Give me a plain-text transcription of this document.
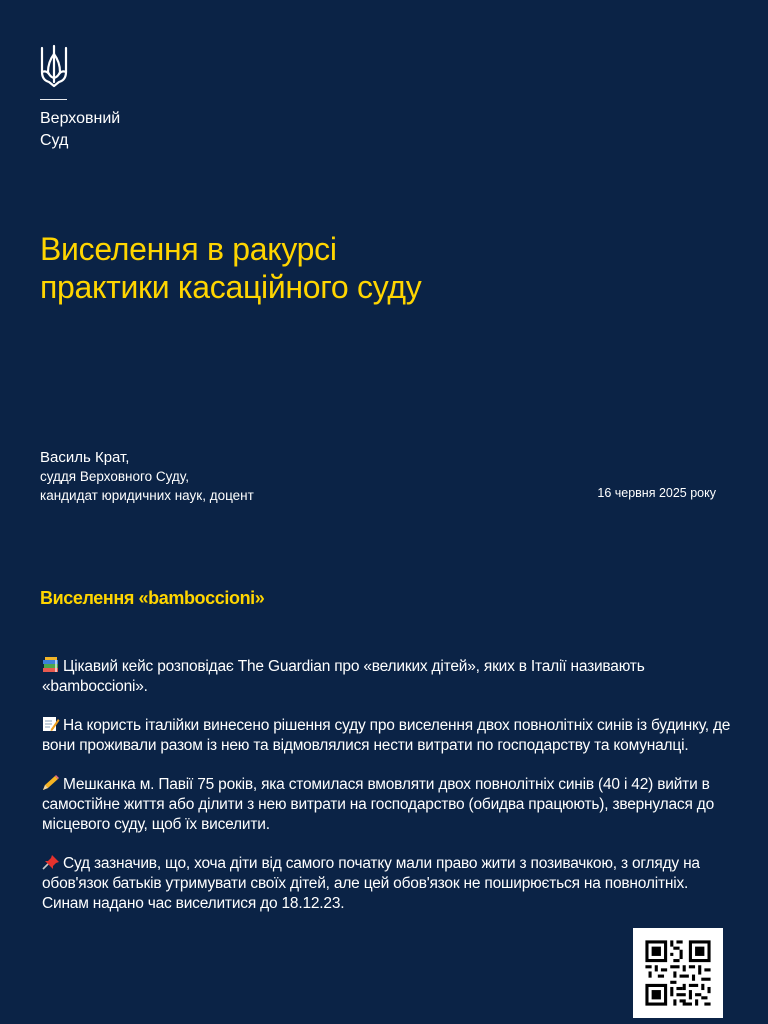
Верховний
Суд
Виселення в ракурсі
практики касаційного суду
Василь Крат,
суддя Верховного Суду,
кандидат юридичних наук, доцент	16 червня 2025 року
Виселення «bamboccioni»

Цікавий кейс розповідає The Guardian про «великих дітей», яких в Італії називають «bamboccioni».

На користь італійки винесено рішення суду про виселення двох повнолітніх синів із будинку, де вони проживали разом із нею та відмовлялися нести витрати по господарству та комуналці.

Мешканка м. Павії 75 років, яка стомилася вмовляти двох повнолітніх синів (40 і 42) вийти в самостійне життя або ділити з нею витрати на господарство (обидва працюють), звернулася до місцевого суду, щоб їх виселити.

Суд зазначив, що, хоча діти від самого початку мали право жити з позивачкою, з огляду на обов'язок батьків утримувати своїх дітей, але цей обов'язок не поширюється на повнолітніх. Синам надано час виселитися до 18.12.23.
